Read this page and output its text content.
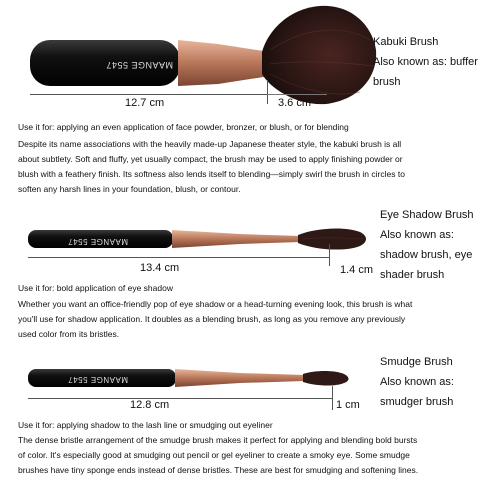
MAANGE 5547
12.7 cm	3.6 cm
Kabuki Brush
Also known as: buffer
brush
Use it for: applying an even application of face powder, bronzer, or blush, or for blending
Despite its name associations with the heavily made-up Japanese theater style, the kabuki brush is all
about subtlety. Soft and fluffy, yet usually compact, the brush may be used to apply finishing powder or
blush with a feathery finish. Its softness also lends itself to blending—simply swirl the brush in circles to
soften any harsh lines in your foundation, blush, or contour.
MAANGE 5547
13.4 cm	1.4 cm
Eye Shadow Brush
Also known as:
shadow brush, eye
shader brush
Use it for: bold application of eye shadow
Whether you want an office-friendly pop of eye shadow or a head-turning evening look, this brush is what
you'll use for shadow application. It doubles as a blending brush, as long as you remove any previously
used color from its bristles.
MAANGE 5547
12.8 cm	1 cm
Smudge Brush
Also known as:
smudger brush
Use it for: applying shadow to the lash line or smudging out eyeliner
The dense bristle arrangement of the smudge brush makes it perfect for applying and blending bold bursts
of color. It's especially good at smudging out pencil or gel eyeliner to create a smoky eye. Some smudge
brushes have tiny sponge ends instead of dense bristles. These are best for smudging and softening lines.
